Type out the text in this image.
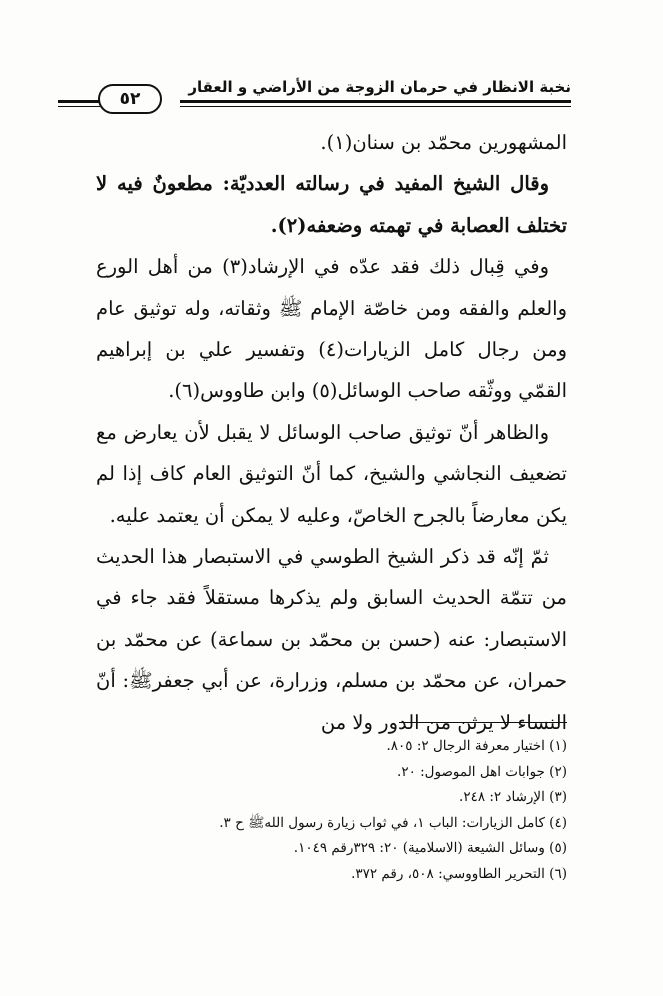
نخبة الانظار في حرمان الزوجة من الأراضي و العقار
٥٢

المشهورين محمّد بن سنان(١).

وقال الشيخ المفيد في رسالته العدديّة: مطعونٌ فيه لا تختلف العصابة في تهمته وضعفه(٢).

وفي قِبال ذلك فقد عدّه في الإرشاد(٣) من أهل الورع والعلم والفقه ومن خاصّة الإمام ﷺ وثقاته، وله توثيق عام ومن رجال كامل الزيارات(٤) وتفسير علي بن إبراهيم القمّي ووثّقه صاحب الوسائل(٥) وابن طاووس(٦).

والظاهر أنّ توثيق صاحب الوسائل لا يقبل لأن يعارض مع تضعيف النجاشي والشيخ، كما أنّ التوثيق العام كاف إذا لم يكن معارضاً بالجرح الخاصّ، وعليه لا يمكن أن يعتمد عليه.

ثمّ إنّه قد ذكر الشيخ الطوسي في الاستبصار هذا الحديث من تتمّة الحديث السابق ولم يذكرها مستقلاً فقد جاء في الاستبصار: عنه (حسن بن محمّد بن سماعة) عن محمّد بن حمران، عن محمّد بن مسلم، وزرارة، عن أبي جعفرﷺ: أنّ النساء لا يرثن من الدور ولا من

(١) اختيار معرفة الرجال ٢: ٨٠٥.
(٢) جوابات اهل الموصول: ٢٠.
(٣) الإرشاد ٢: ٢٤٨.
(٤) كامل الزيارات: الباب ١، في ثواب زيارة رسول اللهﷺ ح ٣.
(٥) وسائل الشيعة (الاسلامية) ٢٠: ٣٢٩رقم ١٠٤٩.
(٦) التحرير الطاووسي: ٥٠٨، رقم ٣٧٢.
